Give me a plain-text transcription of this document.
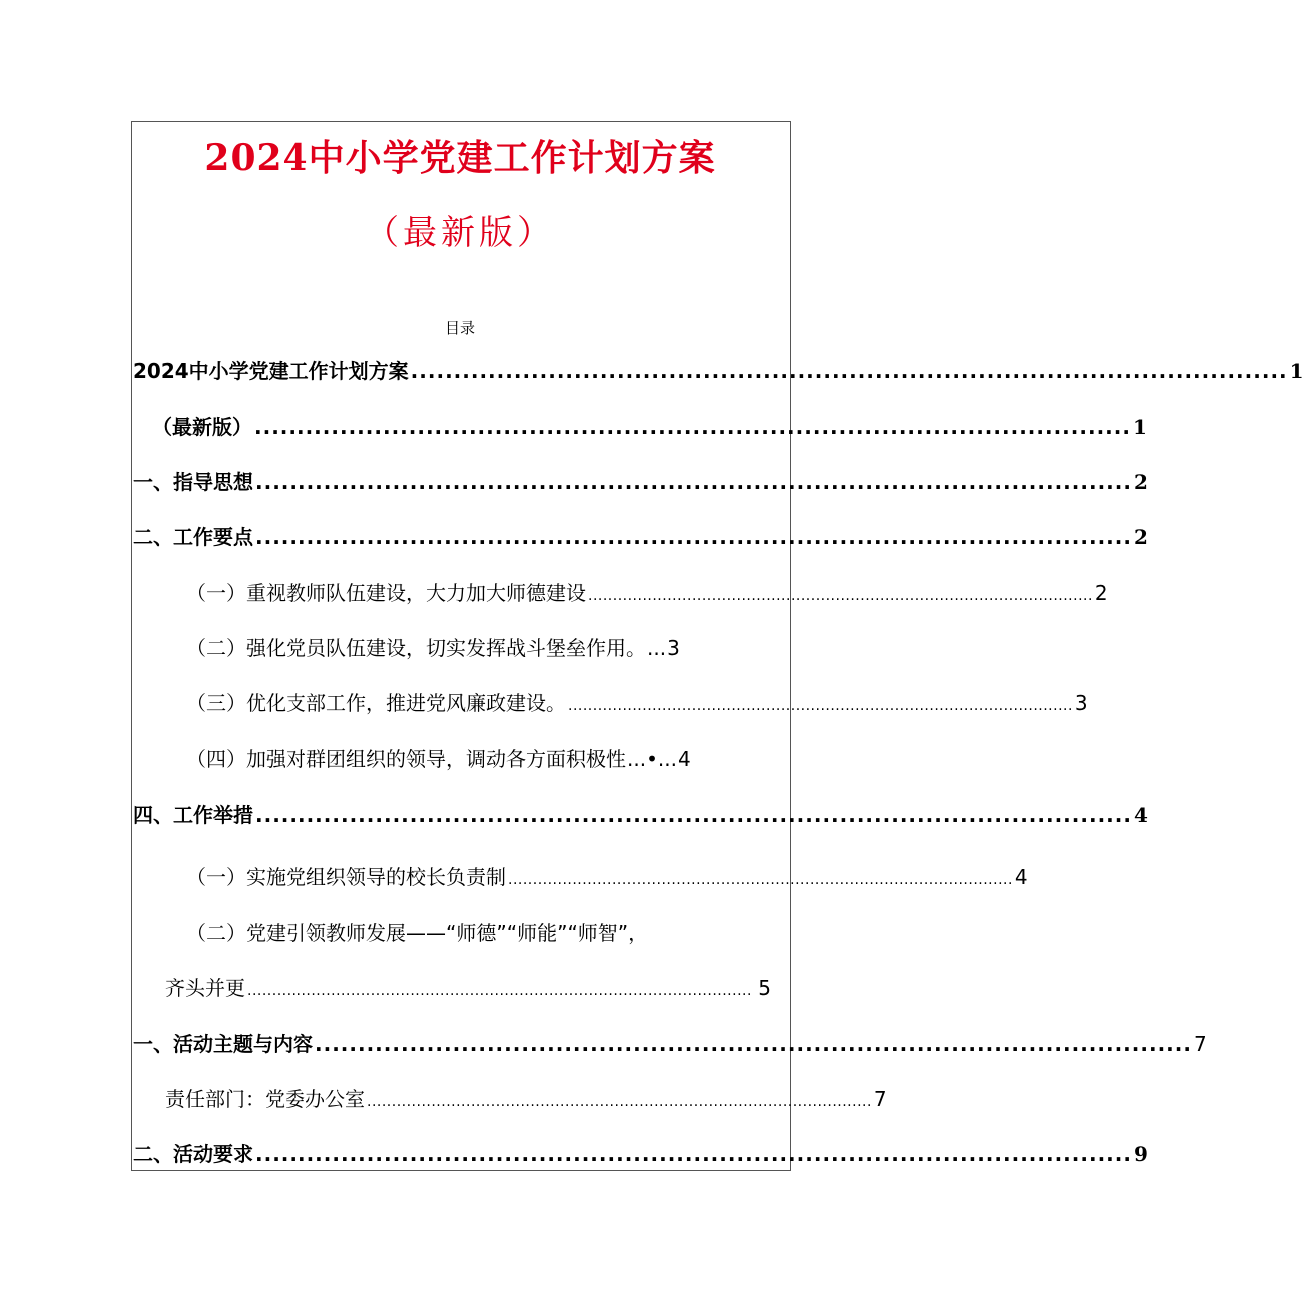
2024中小学党建工作计划方案
（最新版）
目录
2024中小学党建工作计划方案 ...................................................................................................... 1
（最新版） ...................................................................................................... 1
一、指导思想 ...................................................................................................... 2
二、工作要点 ...................................................................................................... 2
（一）重视教师队伍建设，大力加大师德建设 ...................................................................................................... 2
（二）强化党员队伍建设，切实发挥战斗堡垒作用。 ... 3
（三）优化支部工作，推进党风廉政建设。 ...................................................................................................... 3
（四）加强对群团组织的领导，调动各方面积极性 ...•... 4
四、工作举措 ...................................................................................................... 4
（一）实施党组织领导的校长负责制 ...................................................................................................... 4
（二）党建引领教师发展——“师德”“师能”“师智”，
齐头并更 ...................................................................................................... 5
一、活动主题与内容 ...................................................................................................... 7
责任部门：党委办公室 ...................................................................................................... 7
二、活动要求 ...................................................................................................... 9
